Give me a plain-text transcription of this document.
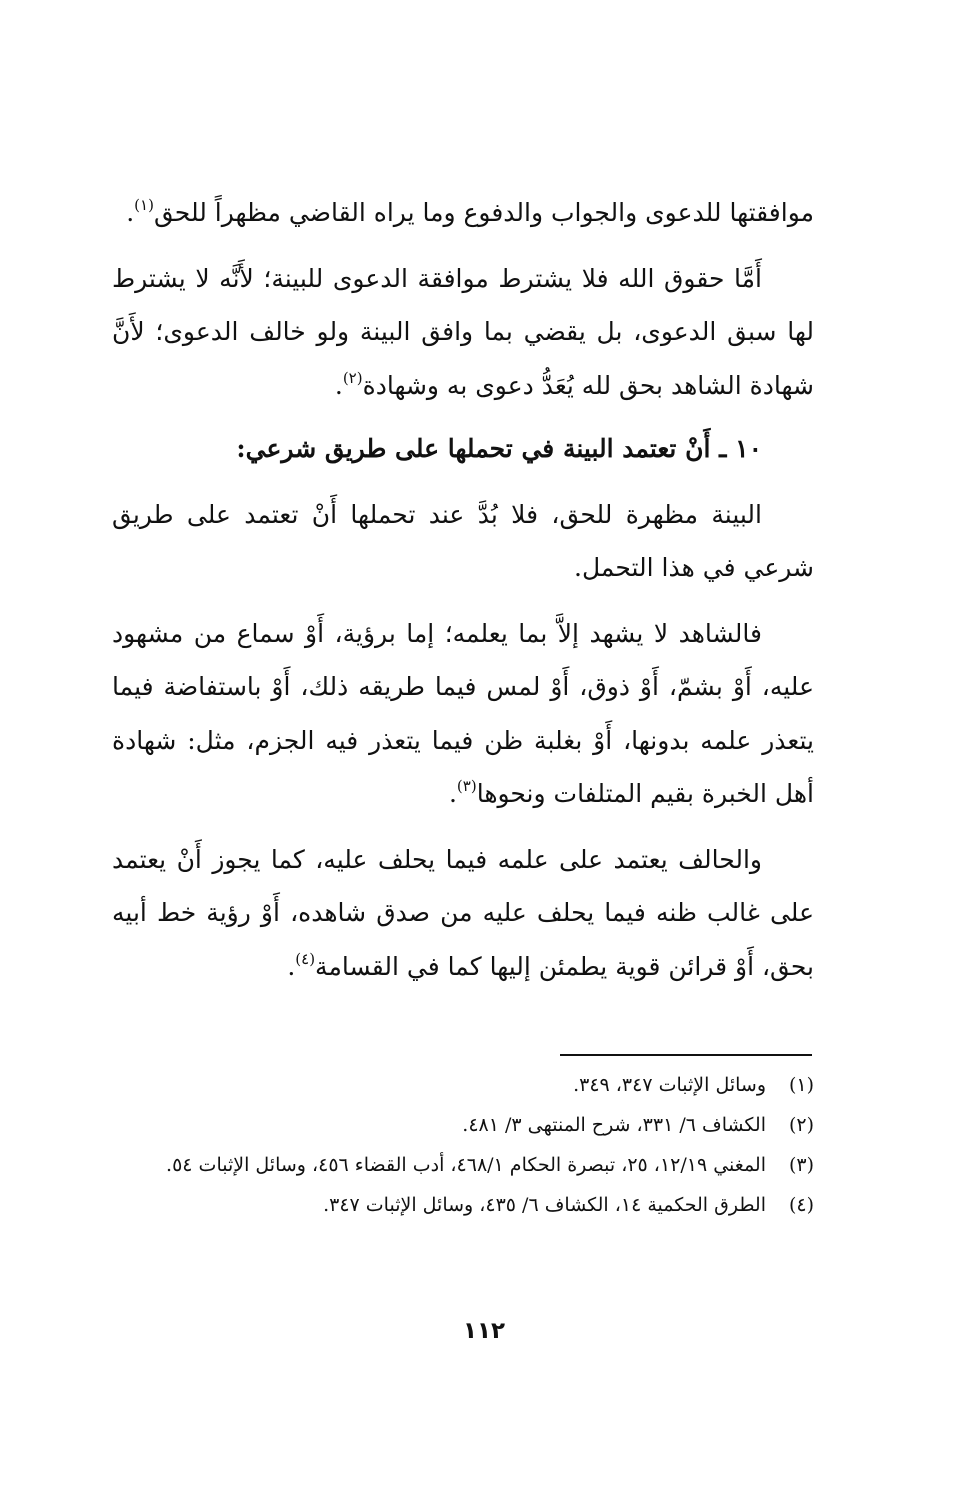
موافقتها للدعوى والجواب والدفوع وما يراه القاضي مظهراً للحق$^{(١)}$.

أَمَّا حقوق الله فلا يشترط موافقة الدعوى للبينة؛ لأَنَّه لا يشترط لها سبق الدعوى، بل يقضي بما وافق البينة ولو خالف الدعوى؛ لأَنَّ شهادة الشاهد بحق لله يُعَدُّ دعوى به وشهادة$^{(٢)}$.

١٠ ـ أَنْ تعتمد البينة في تحملها على طريق شرعي:

البينة مظهرة للحق، فلا بُدَّ عند تحملها أَنْ تعتمد على طريق شرعي في هذا التحمل.

فالشاهد لا يشهد إلاَّ بما يعلمه؛ إما برؤية، أَوْ سماع من مشهود عليه، أَوْ بشمّ، أَوْ ذوق، أَوْ لمس فيما طريقه ذلك، أَوْ باستفاضة فيما يتعذر علمه بدونها، أَوْ بغلبة ظن فيما يتعذر فيه الجزم، مثل: شهادة أهل الخبرة بقيم المتلفات ونحوها$^{(٣)}$.

والحالف يعتمد على علمه فيما يحلف عليه، كما يجوز أَنْ يعتمد على غالب ظنه فيما يحلف عليه من صدق شاهده، أَوْ رؤية خط أبيه بحق، أَوْ قرائن قوية يطمئن إليها كما في القسامة$^{(٤)}$.

(١)
وسائل الإثبات ٣٤٧، ٣٤٩.

(٢)
الكشاف ٦/ ٣٣١، شرح المنتهى ٣/ ٤٨١.

(٣)
المغني ١٢/١٩، ٢٥، تبصرة الحكام ٤٦٨/١، أدب القضاء ٤٥٦، وسائل الإثبات ٥٤.

(٤)
الطرق الحكمية ١٤، الكشاف ٦/ ٤٣٥، وسائل الإثبات ٣٤٧.

١١٢
